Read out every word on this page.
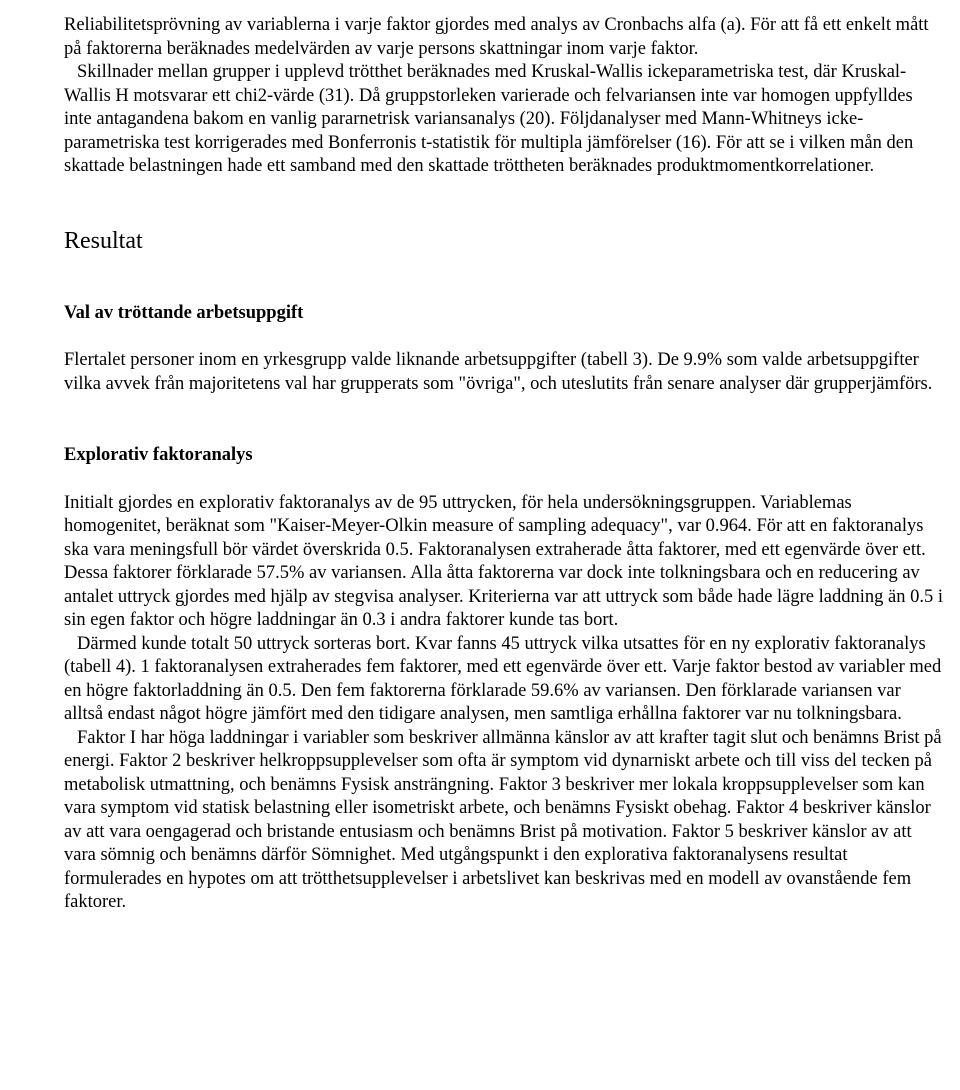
Reliabilitetsprövning av variablerna i varje faktor gjordes med analys av Cronbachs alfa (a). För att få ett enkelt mått på faktorerna beräknades medelvärden av varje persons skattningar inom varje faktor.

Skillnader mellan grupper i upplevd trötthet beräknades med Kruskal-Wallis ickeparametriska test, där Kruskal-Wallis H motsvarar ett chi2-värde (31). Då gruppstorleken varierade och felvariansen inte var homogen uppfylldes inte antagandena bakom en vanlig pararnetrisk variansanalys (20). Följdanalyser med Mann-Whitneys icke-parametriska test korrigerades med Bonferronis t-statistik för multipla jämförelser (16). För att se i vilken mån den skattade belastningen hade ett samband med den skattade tröttheten beräknades produktmomentkorrelationer.

Resultat
Val av tröttande arbetsuppgift

Flertalet personer inom en yrkesgrupp valde liknande arbetsuppgifter (tabell 3). De 9.9% som valde arbetsuppgifter vilka avvek från majoritetens val har grupperats som "övriga", och uteslutits från senare analyser där grupperjämförs.

Explorativ faktoranalys

Initialt gjordes en explorativ faktoranalys av de 95 uttrycken, för hela undersökningsgruppen. Variablemas homogenitet, beräknat som "Kaiser-Meyer-Olkin measure of sampling adequacy", var 0.964. För att en faktoranalys ska vara meningsfull bör värdet överskrida 0.5. Faktoranalysen extraherade åtta faktorer, med ett egenvärde över ett. Dessa faktorer förklarade 57.5% av variansen. Alla åtta faktorerna var dock inte tolkningsbara och en reducering av antalet uttryck gjordes med hjälp av stegvisa analyser. Kriterierna var att uttryck som både hade lägre laddning än 0.5 i sin egen faktor och högre laddningar än 0.3 i andra faktorer kunde tas bort.

Därmed kunde totalt 50 uttryck sorteras bort. Kvar fanns 45 uttryck vilka utsattes för en ny explorativ faktoranalys (tabell 4). 1 faktoranalysen extraherades fem faktorer, med ett egenvärde över ett. Varje faktor bestod av variabler med en högre faktorladdning än 0.5. Den fem faktorerna förklarade 59.6% av variansen. Den förklarade variansen var alltså endast något högre jämfört med den tidigare analysen, men samtliga erhållna faktorer var nu tolkningsbara.

Faktor I har höga laddningar i variabler som beskriver allmänna känslor av att krafter tagit slut och benämns Brist på energi. Faktor 2 beskriver helkroppsupplevelser som ofta är symptom vid dynarniskt arbete och till viss del tecken på metabolisk utmattning, och benämns Fysisk ansträngning. Faktor 3 beskriver mer lokala kroppsupplevelser som kan vara symptom vid statisk belastning eller isometriskt arbete, och benämns Fysiskt obehag. Faktor 4 beskriver känslor av att vara oengagerad och bristande entusiasm och benämns Brist på motivation. Faktor 5 beskriver känslor av att vara sömnig och benämns därför Sömnighet. Med utgångspunkt i den explorativa faktoranalysens resultat formulerades en hypotes om att trötthetsupplevelser i arbetslivet kan beskrivas med en modell av ovanstående fem faktorer.
